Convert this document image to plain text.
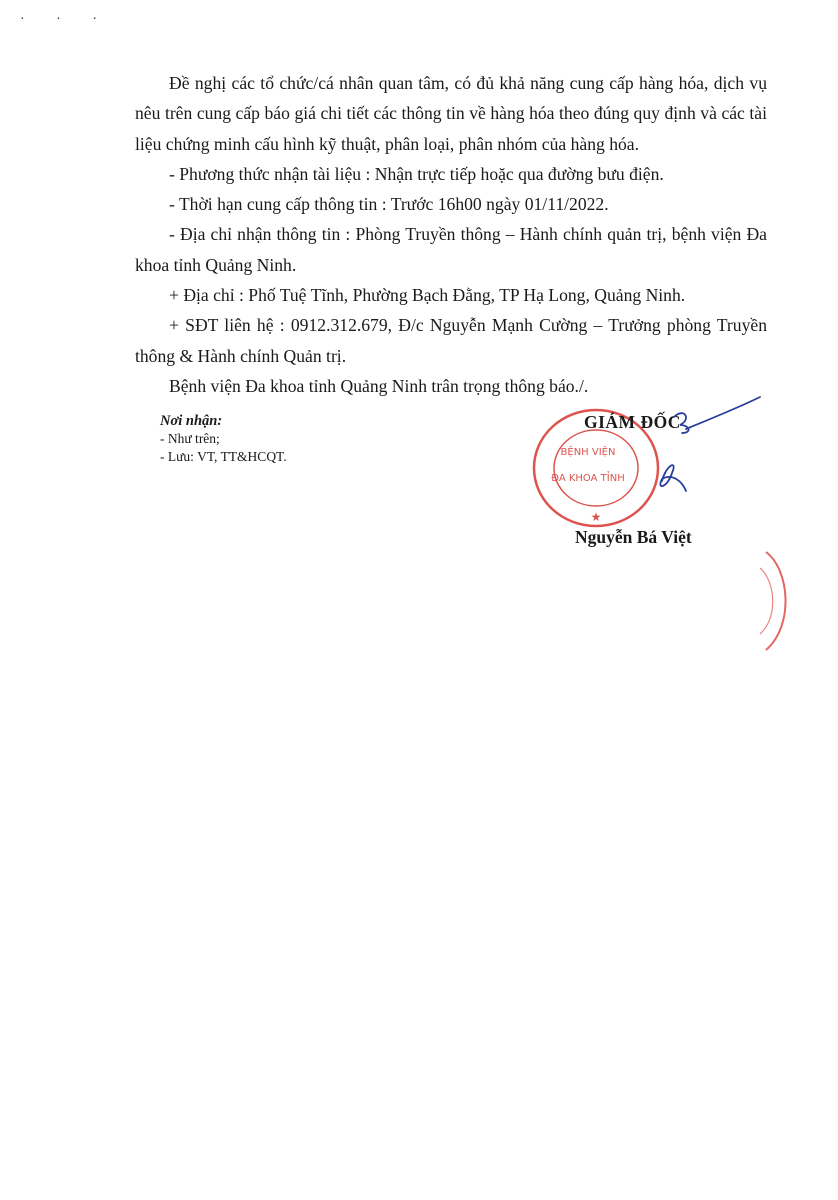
· · ·

Đề nghị các tổ chức/cá nhân quan tâm, có đủ khả năng cung cấp hàng hóa, dịch vụ nêu trên cung cấp báo giá chi tiết các thông tin về hàng hóa theo đúng quy định và các tài liệu chứng minh cấu hình kỹ thuật, phân loại, phân nhóm của hàng hóa.

- Phương thức nhận tài liệu : Nhận trực tiếp hoặc qua đường bưu điện.

- Thời hạn cung cấp thông tin : Trước 16h00 ngày 01/11/2022.

- Địa chỉ nhận thông tin : Phòng Truyền thông – Hành chính quản trị, bệnh viện Đa khoa tỉnh Quảng Ninh.

+ Địa chỉ : Phố Tuệ Tĩnh, Phường Bạch Đằng, TP Hạ Long, Quảng Ninh.

+ SĐT liên hệ : 0912.312.679, Đ/c Nguyễn Mạnh Cường – Trưởng phòng Truyền thông & Hành chính Quản trị.

Bệnh viện Đa khoa tỉnh Quảng Ninh trân trọng thông báo./.

Nơi nhận:
- Như trên;
- Lưu: VT, TT&HCQT.	BỆNH VIỆN
ĐA KHOA TỈNH
★
GIÁM ĐỐC
Nguyễn Bá Việt
